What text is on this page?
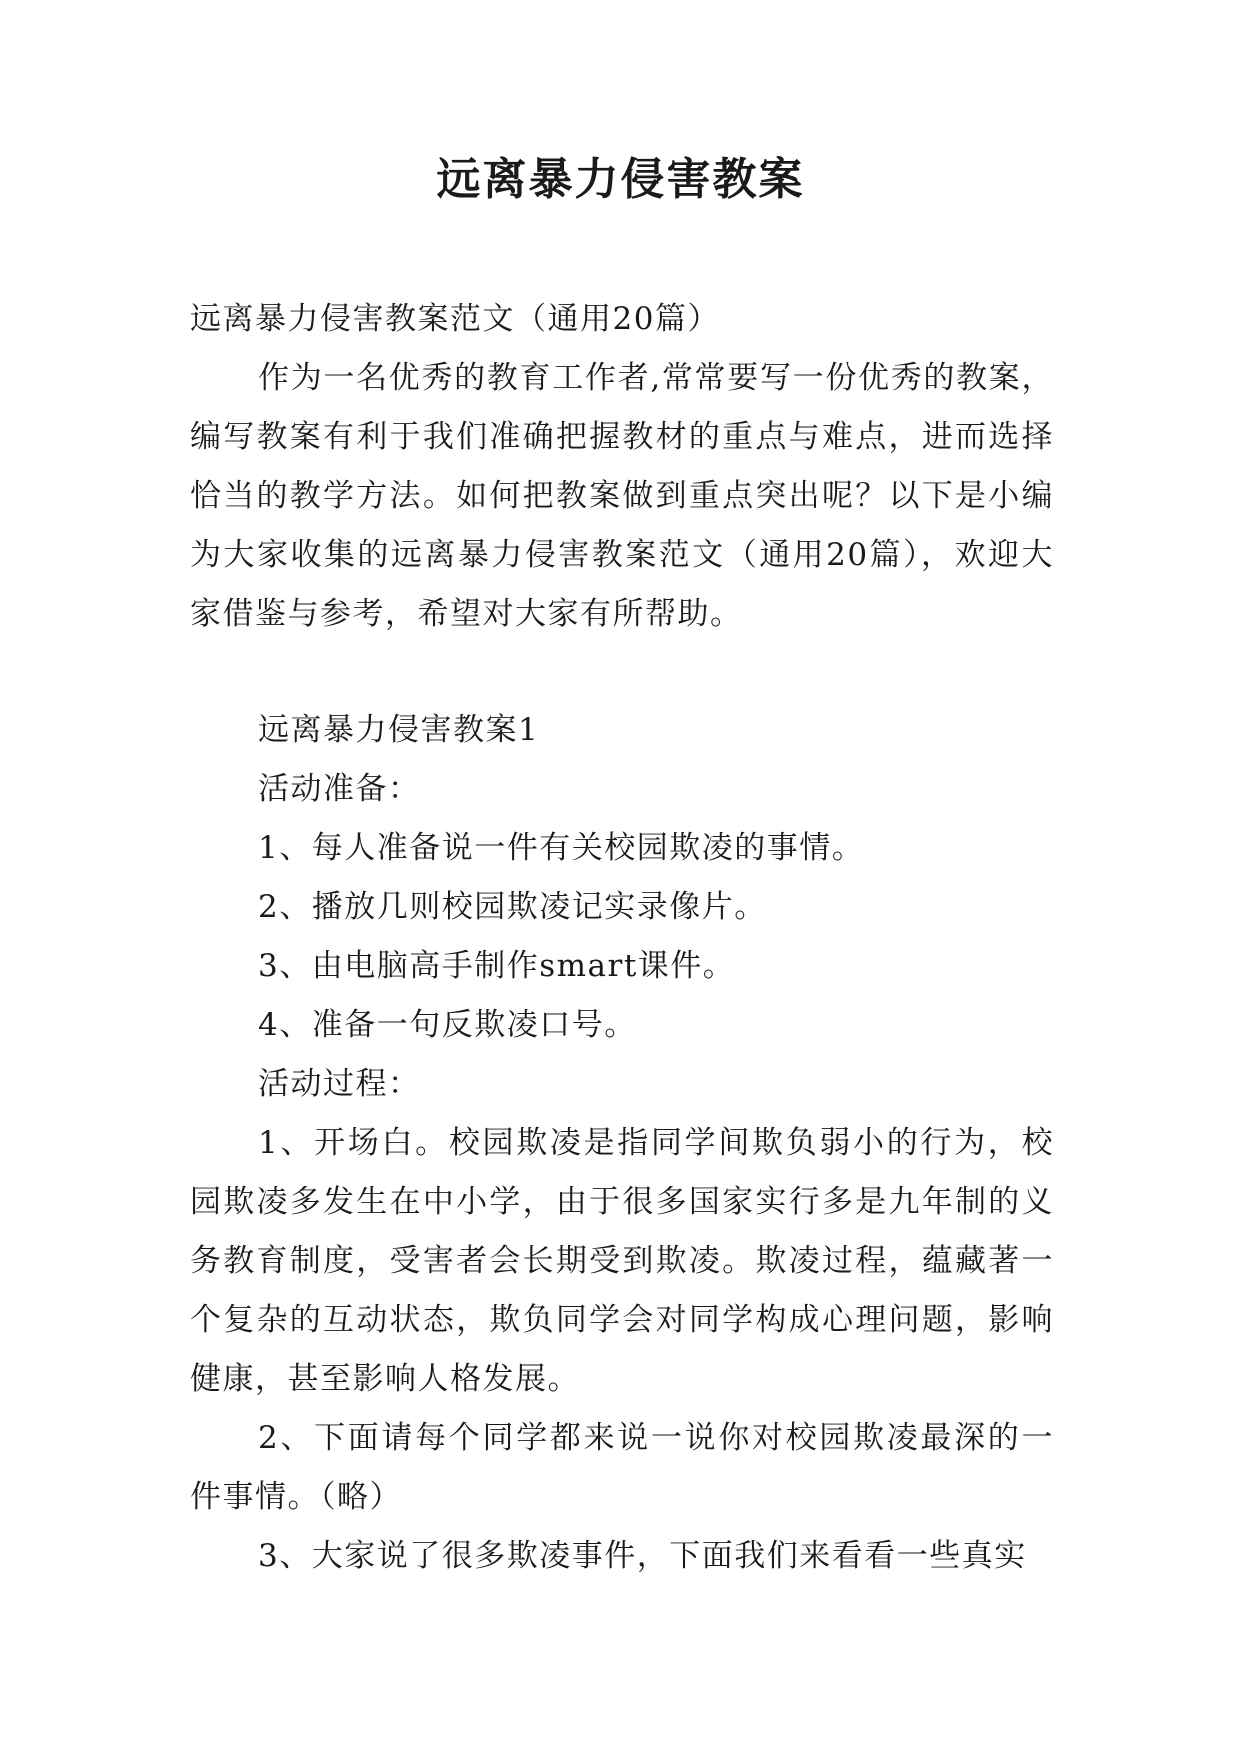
远离暴力侵害教案

远离暴力侵害教案范文（通用20篇）

作为一名优秀的教育工作者,常常要写一份优秀的教案，编写教案有利于我们准确把握教材的重点与难点，进而选择恰当的教学方法。如何把教案做到重点突出呢？以下是小编为大家收集的远离暴力侵害教案范文（通用20篇），欢迎大家借鉴与参考，希望对大家有所帮助。

远离暴力侵害教案1

活动准备：

1、每人准备说一件有关校园欺凌的事情。

2、播放几则校园欺凌记实录像片。

3、由电脑高手制作smart课件。

4、准备一句反欺凌口号。

活动过程：

1、开场白。校园欺凌是指同学间欺负弱小的行为，校园欺凌多发生在中小学，由于很多国家实行多是九年制的义务教育制度，受害者会长期受到欺凌。欺凌过程，蕴藏著一个复杂的互动状态，欺负同学会对同学构成心理问题，影响健康，甚至影响人格发展。

2、下面请每个同学都来说一说你对校园欺凌最深的一件事情。（略）

3、大家说了很多欺凌事件，下面我们来看看一些真实
